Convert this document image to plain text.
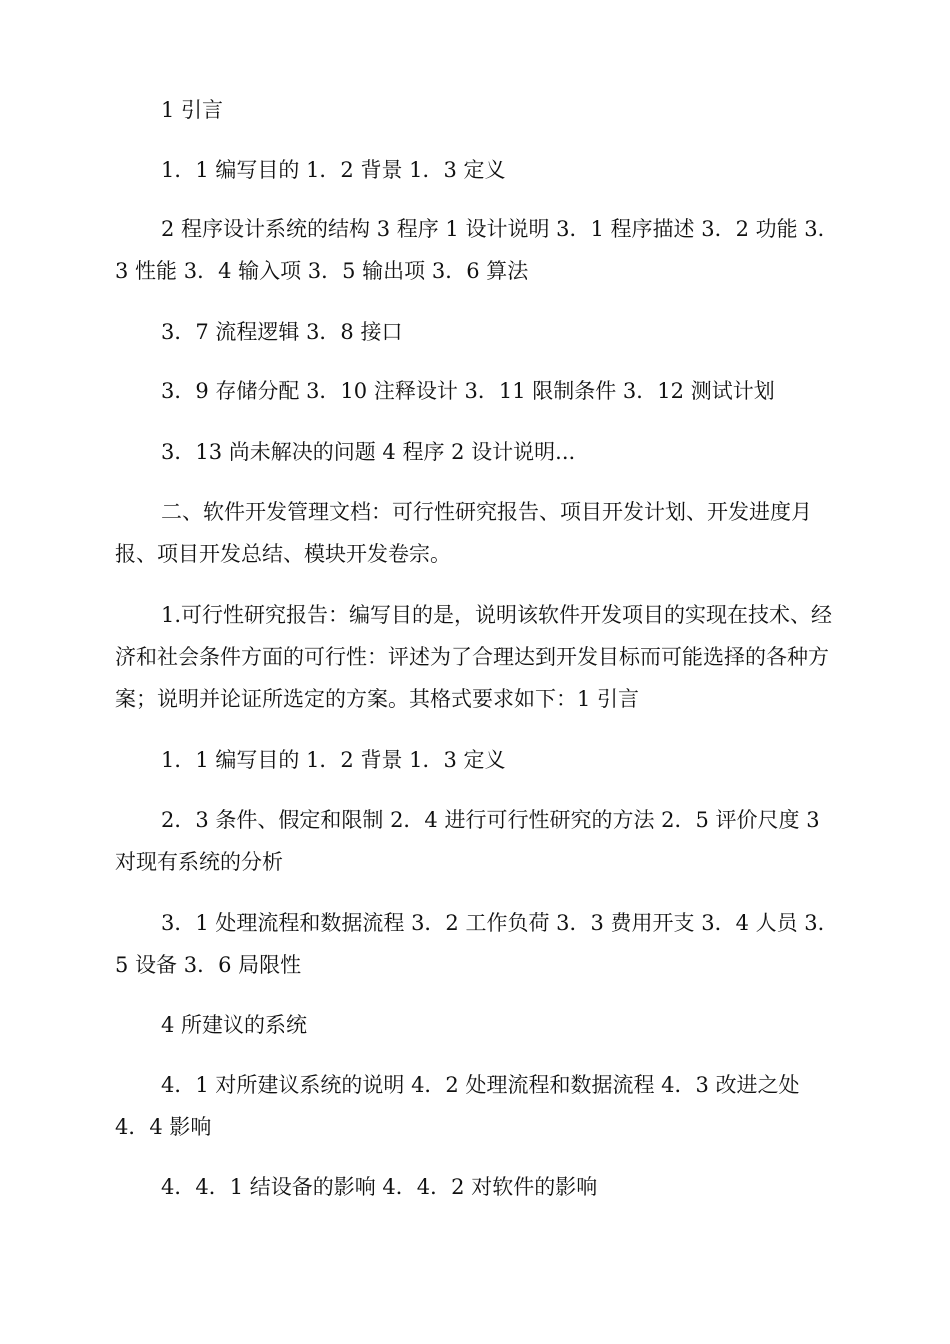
1 引言

1．1 编写目的 1．2 背景 1．3 定义

2 程序设计系统的结构 3 程序 1 设计说明 3．1 程序描述 3．2 功能 3．3 性能 3．4 输入项 3．5 输出项 3．6 算法

3．7 流程逻辑 3．8 接口

3．9 存储分配 3．10 注释设计 3．11 限制条件 3．12 测试计划

3．13 尚未解决的问题 4 程序 2 设计说明...

二、软件开发管理文档：可行性研究报告、项目开发计划、开发进度月报、项目开发总结、模块开发卷宗。

1.可行性研究报告：编写目的是，说明该软件开发项目的实现在技术、经济和社会条件方面的可行性：评述为了合理达到开发目标而可能选择的各种方案；说明并论证所选定的方案。其格式要求如下：1 引言

1．1 编写目的 1．2 背景 1．3 定义

2．3 条件、假定和限制 2．4 进行可行性研究的方法 2．5 评价尺度 3 对现有系统的分析

3．1 处理流程和数据流程 3．2 工作负荷 3．3 费用开支 3．4 人员 3．5 设备 3．6 局限性

4 所建议的系统

4．1 对所建议系统的说明 4．2 处理流程和数据流程 4．3 改进之处 4．4 影响

4．4．1 结设备的影响 4．4．2 对软件的影响
